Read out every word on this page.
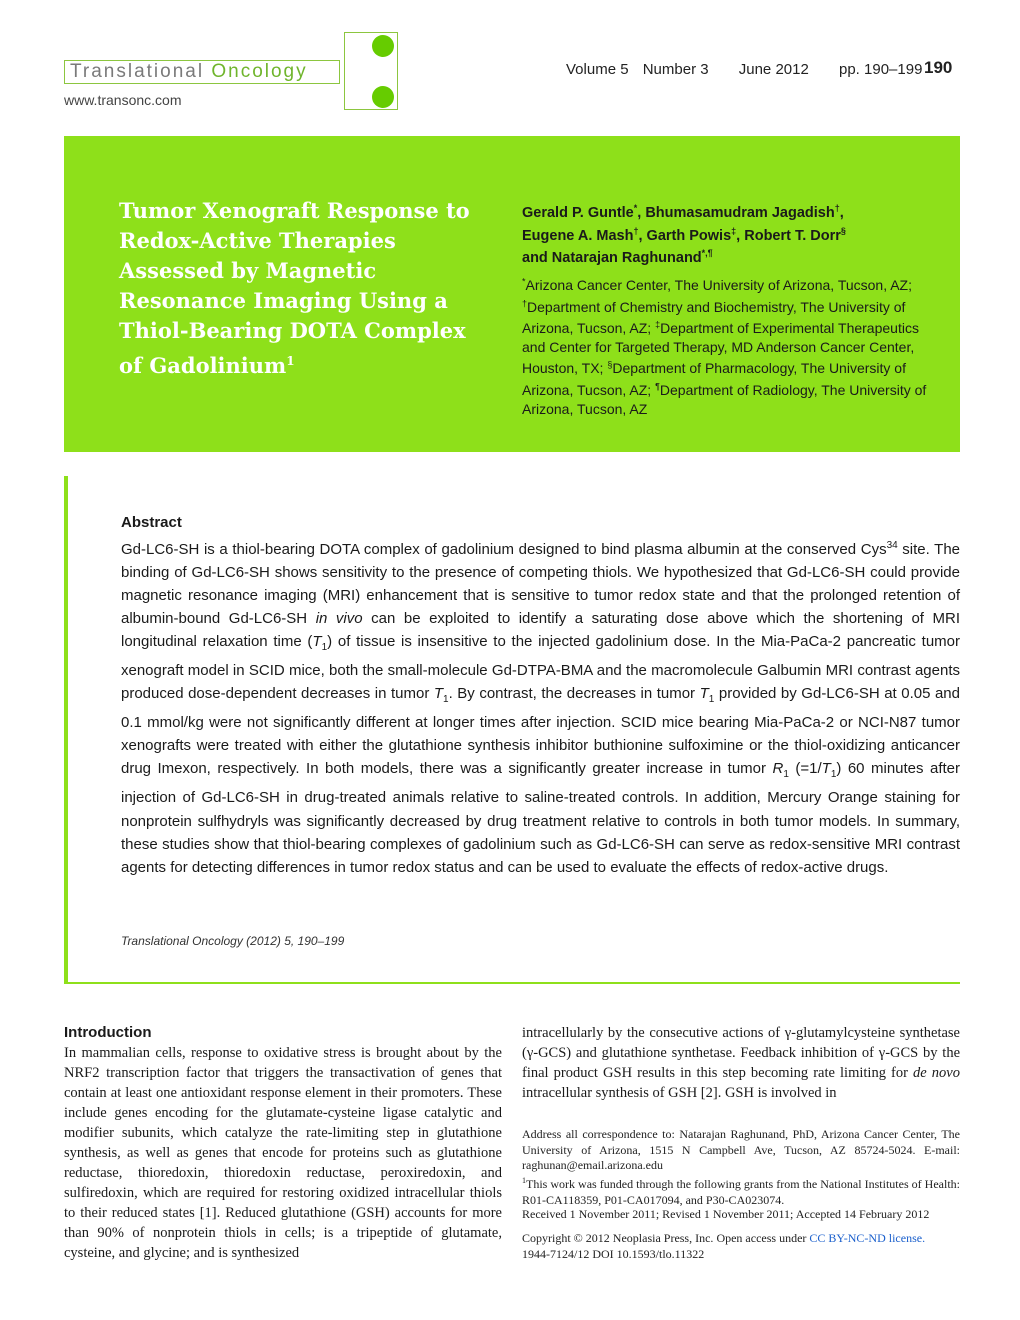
Translational Oncology
www.transonc.com
Volume 5 Number 3 June 2012 pp. 190–199 190
Tumor Xenograft Response to Redox-Active Therapies Assessed by Magnetic Resonance Imaging Using a Thiol-Bearing DOTA Complex of Gadolinium$^1$
Gerald P. Guntle*, Bhumasamudram Jagadish†,
Eugene A. Mash†, Garth Powis‡, Robert T. Dorr§
and Natarajan Raghunand*,¶
*Arizona Cancer Center, The University of Arizona, Tucson, AZ; †Department of Chemistry and Biochemistry, The University of Arizona, Tucson, AZ; ‡Department of Experimental Therapeutics and Center for Targeted Therapy, MD Anderson Cancer Center, Houston, TX; §Department of Pharmacology, The University of Arizona, Tucson, AZ; ¶Department of Radiology, The University of Arizona, Tucson, AZ
Abstract
Gd-LC6-SH is a thiol-bearing DOTA complex of gadolinium designed to bind plasma albumin at the conserved Cys$^{34}$ site. The binding of Gd-LC6-SH shows sensitivity to the presence of competing thiols. We hypothesized that Gd-LC6-SH could provide magnetic resonance imaging (MRI) enhancement that is sensitive to tumor redox state and that the prolonged retention of albumin-bound Gd-LC6-SH in vivo can be exploited to identify a saturating dose above which the shortening of MRI longitudinal relaxation time $(T_1)$ of tissue is insensitive to the injected gadolinium dose. In the Mia-PaCa-2 pancreatic tumor xenograft model in SCID mice, both the small-molecule Gd-DTPA-BMA and the macromolecule Galbumin MRI contrast agents produced dose-dependent decreases in tumor $T_1$. By contrast, the decreases in tumor $T_1$ provided by Gd-LC6-SH at 0.05 and 0.1 mmol/kg were not significantly different at longer times after injection. SCID mice bearing Mia-PaCa-2 or NCI-N87 tumor xenografts were treated with either the glutathione synthesis inhibitor buthionine sulfoximine or the thiol-oxidizing anticancer drug Imexon, respectively. In both models, there was a significantly greater increase in tumor $R_1$ $(=1/T_1)$ 60 minutes after injection of Gd-LC6-SH in drug-treated animals relative to saline-treated controls. In addition, Mercury Orange staining for nonprotein sulfhydryls was significantly decreased by drug treatment relative to controls in both tumor models. In summary, these studies show that thiol-bearing complexes of gadolinium such as Gd-LC6-SH can serve as redox-sensitive MRI contrast agents for detecting differences in tumor redox status and can be used to evaluate the effects of redox-active drugs.
Translational Oncology (2012) 5, 190–199
Introduction
In mammalian cells, response to oxidative stress is brought about by the NRF2 transcription factor that triggers the transactivation of genes that contain at least one antioxidant response element in their promoters. These include genes encoding for the glutamate-cysteine ligase catalytic and modifier subunits, which catalyze the rate-limiting step in glutathione synthesis, as well as genes that encode for proteins such as glutathione reductase, thioredoxin, thioredoxin reductase, peroxiredoxin, and sulfiredoxin, which are required for restoring oxidized intracellular thiols to their reduced states [1]. Reduced glutathione (GSH) accounts for more than 90% of nonprotein thiols in cells; is a tripeptide of glutamate, cysteine, and glycine; and is synthesized
intracellularly by the consecutive actions of γ-glutamylcysteine synthetase (γ-GCS) and glutathione synthetase. Feedback inhibition of γ-GCS by the final product GSH results in this step becoming rate limiting for de novo intracellular synthesis of GSH [2]. GSH is involved in
Address all correspondence to: Natarajan Raghunand, PhD, Arizona Cancer Center, The University of Arizona, 1515 N Campbell Ave, Tucson, AZ 85724-5024. E-mail: raghunan@email.arizona.edu
$^1$This work was funded through the following grants from the National Institutes of Health: R01-CA118359, P01-CA017094, and P30-CA023074.
Received 1 November 2011; Revised 1 November 2011; Accepted 14 February 2012
Copyright © 2012 Neoplasia Press, Inc. Open access under CC BY-NC-ND license.
1944-7124/12 DOI 10.1593/tlo.11322
